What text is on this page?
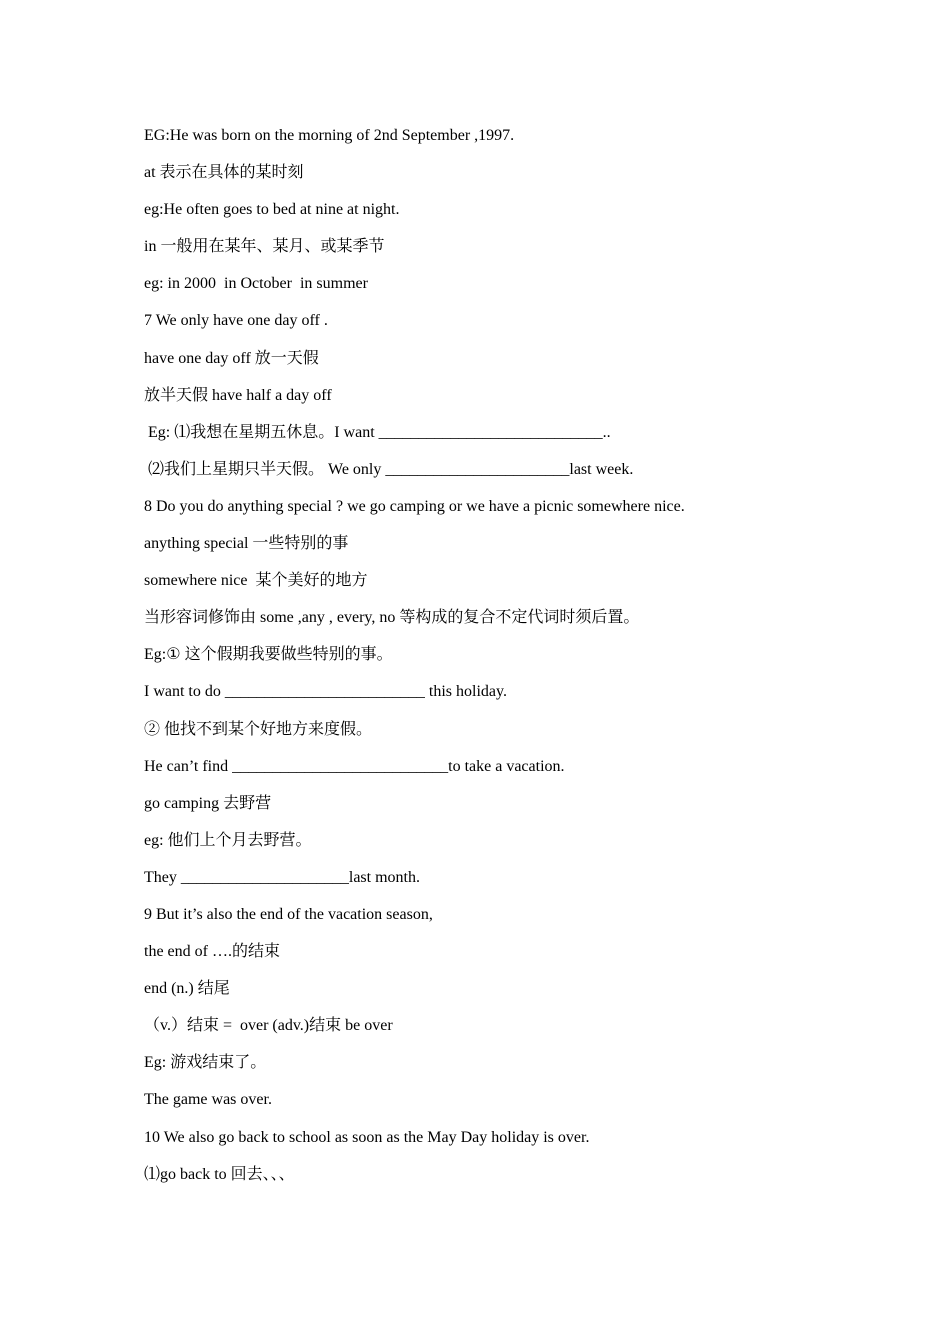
EG:He was born on the morning of 2nd September ,1997.
at 表示在具体的某时刻
eg:He often goes to bed at nine at night.
in 一般用在某年、某月、或某季节
eg: in 2000  in October  in summer
7 We only have one day off .
have one day off 放一天假
放半天假 have half a day off
Eg: ⑴我想在星期五休息。I want ____________________________..
⑵我们上星期只半天假。 We only _______________________last week.
8 Do you do anything special ? we go camping or we have a picnic somewhere nice.
anything special 一些特别的事
somewhere nice  某个美好的地方
当形容词修饰由 some ,any , every, no 等构成的复合不定代词时须后置。
Eg:① 这个假期我要做些特别的事。
I want to do _________________________ this holiday.
② 他找不到某个好地方来度假。
He can’t find ___________________________to take a vacation.
go camping 去野营
eg: 他们上个月去野营。
They _____________________last month.
9 But it’s also the end of the vacation season,
the end of ….的结束
end (n.) 结尾
（v.）结束 =  over (adv.)结束 be over
Eg: 游戏结束了。
The game was over.
10 We also go back to school as soon as the May Day holiday is over.
⑴go back to 回去、、、
